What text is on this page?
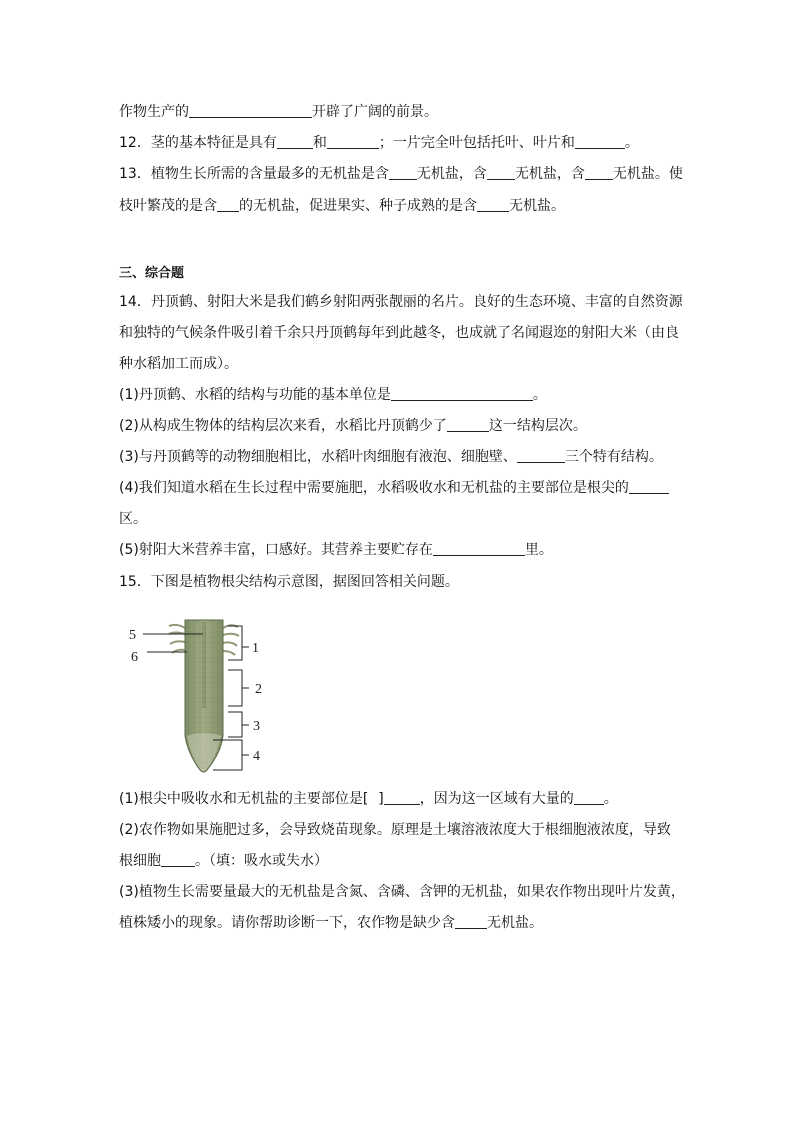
作物生产的	开辟了广阔的前景。
12．茎的基本特征是具有	和	；一片完全叶包括托叶、叶片和	。
13．植物生长所需的含量最多的无机盐是含 无机盐，含 无机盐，含 无机盐。使
枝叶繁茂的是含 的无机盐，促进果实、种子成熟的是含 无机盐。
三、综合题
14．丹顶鹤、射阳大米是我们鹤乡射阳两张靓丽的名片。良好的生态环境、丰富的自然资源
和独特的气候条件吸引着千余只丹顶鹤每年到此越冬，也成就了名闻遐迩的射阳大米（由良
种水稻加工而成）。
(1)丹顶鹤、水稻的结构与功能的基本单位是	。
(2)从构成生物体的结构层次来看，水稻比丹顶鹤少了	这一结构层次。
(3)与丹顶鹤等的动物细胞相比，水稻叶肉细胞有液泡、细胞壁、	三个特有结构。
(4)我们知道水稻在生长过程中需要施肥，水稻吸收水和无机盐的主要部位是根尖的
区。
(5)射阳大米营养丰富，口感好。其营养主要贮存在	里。
15．下图是植物根尖结构示意图，据图回答相关问题。
5
6
1
2
3
4
(1)根尖中吸收水和无机盐的主要部位是[ ]	，因为这一区域有大量的 。
(2)农作物如果施肥过多，会导致烧苗现象。原理是土壤溶液浓度大于根细胞液浓度，导致
根细胞 。（填：吸水或失水）
(3)植物生长需要量最大的无机盐是含氮、含磷、含钾的无机盐，如果农作物出现叶片发黄，
植株矮小的现象。请你帮助诊断一下，农作物是缺少含 无机盐。
